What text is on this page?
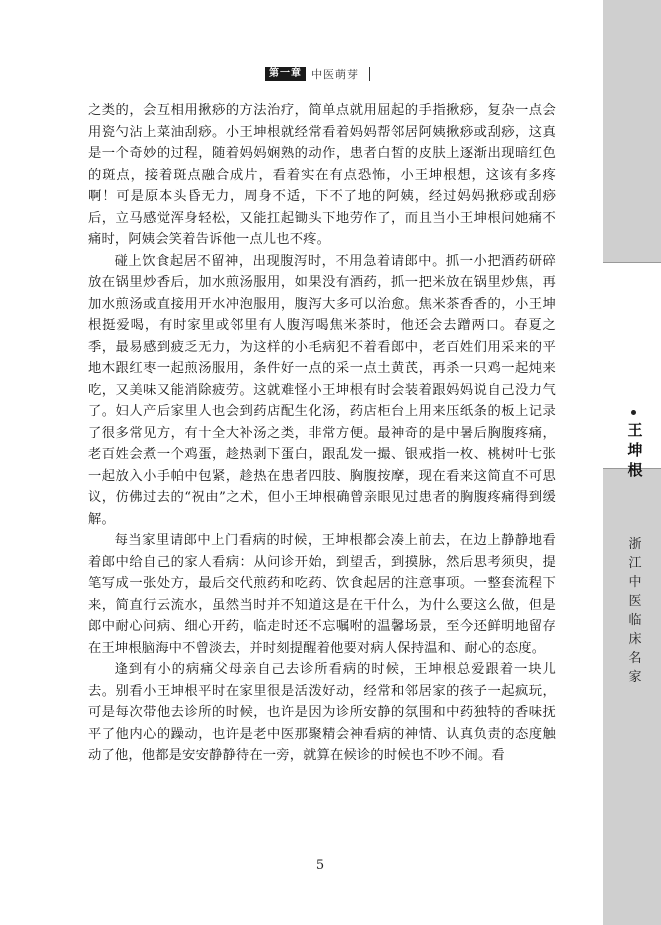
浙
江
中
医
临
床
名
家
王
坤
根
第一章 中医萌芽

之类的，会互相用揪痧的方法治疗，简单点就用屈起的手指揪痧，复杂一点会用瓷勺沾上菜油刮痧。小王坤根就经常看着妈妈帮邻居阿姨揪痧或刮痧，这真是一个奇妙的过程，随着妈妈娴熟的动作，患者白皙的皮肤上逐渐出现暗红色的斑点，接着斑点融合成片，看着实在有点恐怖，小王坤根想，这该有多疼啊！可是原本头昏无力，周身不适，下不了地的阿姨，经过妈妈揪痧或刮痧后，立马感觉浑身轻松，又能扛起锄头下地劳作了，而且当小王坤根问她痛不痛时，阿姨会笑着告诉他一点儿也不疼。

碰上饮食起居不留神，出现腹泻时，不用急着请郎中。抓一小把酒药研碎放在锅里炒香后，加水煎汤服用，如果没有酒药，抓一把米放在锅里炒焦，再加水煎汤或直接用开水冲泡服用，腹泻大多可以治愈。焦米茶香香的，小王坤根挺爱喝，有时家里或邻里有人腹泻喝焦米茶时，他还会去蹭两口。春夏之季，最易感到疲乏无力，为这样的小毛病犯不着看郎中，老百姓们用采来的平地木跟红枣一起煎汤服用，条件好一点的采一点土黄芪，再杀一只鸡一起炖来吃，又美味又能消除疲劳。这就难怪小王坤根有时会装着跟妈妈说自己没力气了。妇人产后家里人也会到药店配生化汤，药店柜台上用来压纸条的板上记录了很多常见方，有十全大补汤之类，非常方便。最神奇的是中暑后胸腹疼痛，老百姓会煮一个鸡蛋，趁热剥下蛋白，跟乱发一撮、银戒指一枚、桃树叶七张一起放入小手帕中包紧，趁热在患者四肢、胸腹按摩，现在看来这简直不可思议，仿佛过去的“祝由”之术，但小王坤根确曾亲眼见过患者的胸腹疼痛得到缓解。

每当家里请郎中上门看病的时候，王坤根都会凑上前去，在边上静静地看着郎中给自己的家人看病：从问诊开始，到望舌，到摸脉，然后思考须臾，提笔写成一张处方，最后交代煎药和吃药、饮食起居的注意事项。一整套流程下来，简直行云流水，虽然当时并不知道这是在干什么，为什么要这么做，但是郎中耐心问病、细心开药，临走时还不忘嘱咐的温馨场景，至今还鲜明地留存在王坤根脑海中不曾淡去，并时刻提醒着他要对病人保持温和、耐心的态度。

逢到有小的病痛父母亲自己去诊所看病的时候，王坤根总爱跟着一块儿去。别看小王坤根平时在家里很是活泼好动，经常和邻居家的孩子一起疯玩，可是每次带他去诊所的时候，也许是因为诊所安静的氛围和中药独特的香味抚平了他内心的躁动，也许是老中医那聚精会神看病的神情、认真负责的态度触动了他，他都是安安静静待在一旁，就算在候诊的时候也不吵不闹。看

5
